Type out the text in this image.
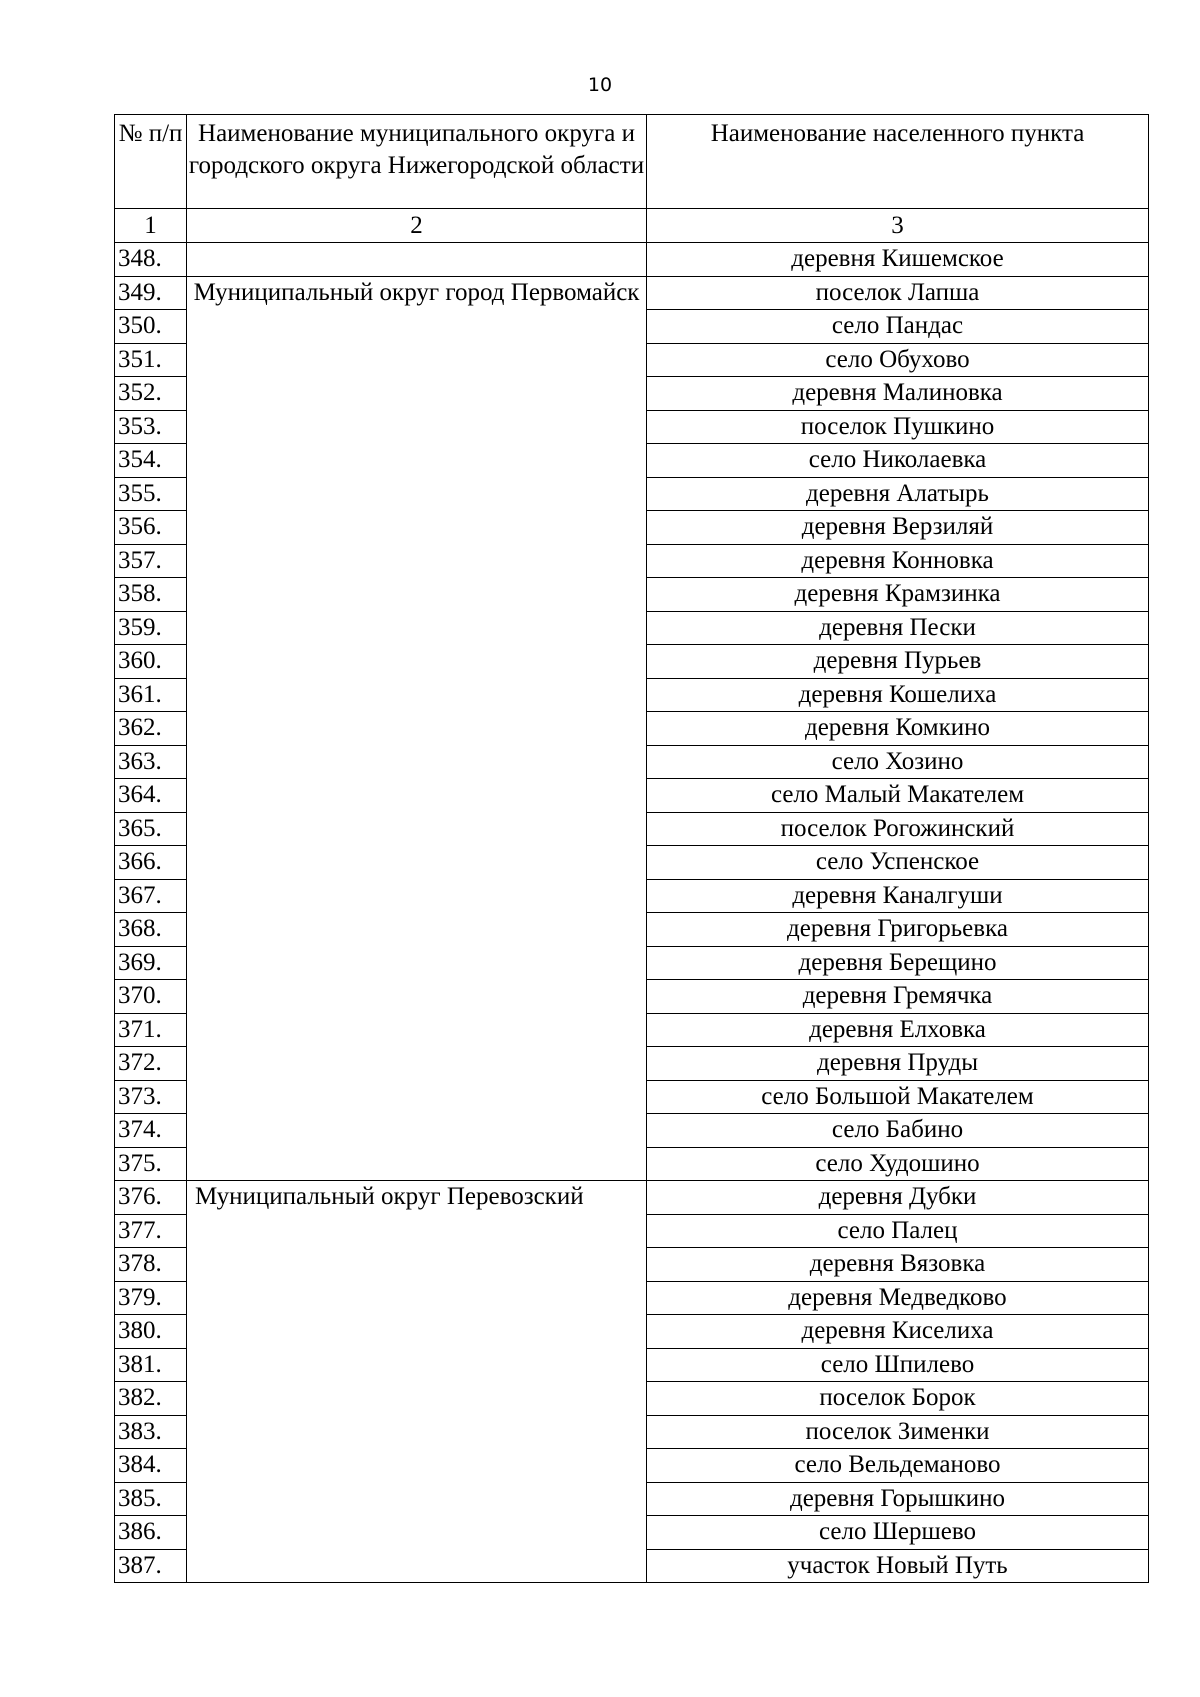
10
№ п/п	Наименование муниципального округа и городского округа Нижегородской области	Наименование населенного пункта

1	2	3
348.		деревня Кишемское
349.	Муниципальный округ город Первомайск	поселок Лапша
350.		село Пандас
351.		село Обухово
352.		деревня Малиновка
353.		поселок Пушкино
354.		село Николаевка
355.		деревня Алатырь
356.		деревня Верзиляй
357.		деревня Конновка
358.		деревня Крамзинка
359.		деревня Пески
360.		деревня Пурьев
361.		деревня Кошелиха
362.		деревня Комкино
363.		село Хозино
364.		село Малый Макателем
365.		поселок Рогожинский
366.		село Успенское
367.		деревня Каналгуши
368.		деревня Григорьевка
369.		деревня Берещино
370.		деревня Гремячка
371.		деревня Елховка
372.		деревня Пруды
373.		село Большой Макателем
374.		село Бабино
375.		село Худошино
376.	Муниципальный округ Перевозский	деревня Дубки
377.		село Палец
378.		деревня Вязовка
379.		деревня Медведково
380.		деревня Киселиха
381.		село Шпилево
382.		поселок Борок
383.		поселок Зименки
384.		село Вельдеманово
385.		деревня Горышкино
386.		село Шершево
387.		участок Новый Путь
